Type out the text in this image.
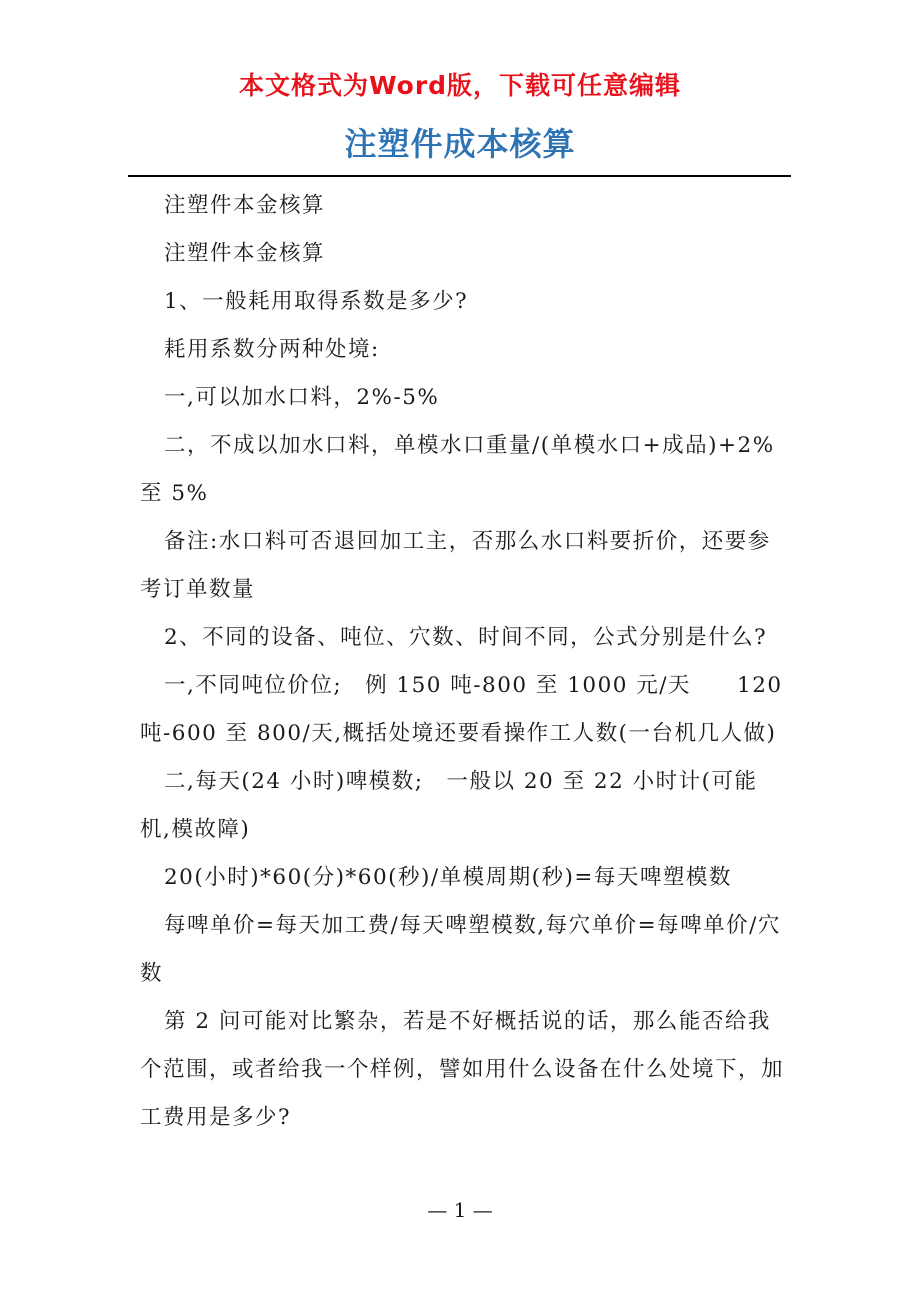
本文格式为Word版，下载可任意编辑
注塑件成本核算

注塑件本金核算

注塑件本金核算

1、一般耗用取得系数是多少?

耗用系数分两种处境:

一,可以加水口料，2%-5%

二，不成以加水口料，单模水口重量/(单模水口+成品)+2%至 5%

备注:水口料可否退回加工主，否那么水口料要折价，还要参考订单数量

2、不同的设备、吨位、穴数、时间不同，公式分别是什么?

一,不同吨位价位;　例 150 吨-800 至 1000 元/天　　120 吨-600 至 800/天,概括处境还要看操作工人数(一台机几人做)

二,每天(24 小时)啤模数;　一般以 20 至 22 小时计(可能机,模故障)

20(小时)*60(分)*60(秒)/单模周期(秒)=每天啤塑模数

每啤单价=每天加工费/每天啤塑模数,每穴单价=每啤单价/穴数

第 2 问可能对比繁杂，若是不好概括说的话，那么能否给我个范围，或者给我一个样例，譬如用什么设备在什么处境下，加工费用是多少?

— 1 —
